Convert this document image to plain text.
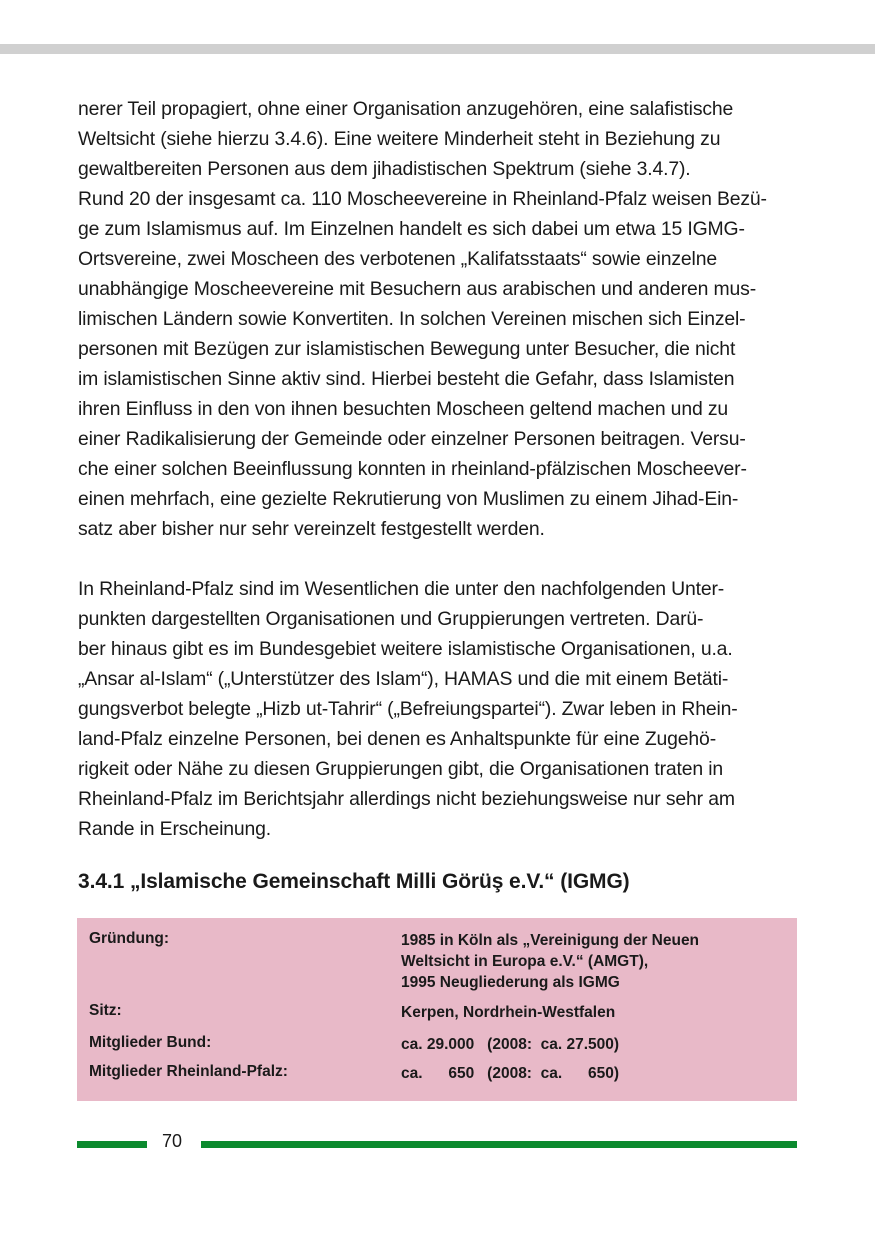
nerer Teil propagiert, ohne einer Organisation anzugehören, eine salafistische
Weltsicht (siehe hierzu 3.4.6). Eine weitere Minderheit steht in Beziehung zu
gewaltbereiten Personen aus dem jihadistischen Spektrum (siehe 3.4.7).
Rund 20 der insgesamt ca. 110 Moscheevereine in Rheinland-Pfalz weisen Bezü-
ge zum Islamismus auf. Im Einzelnen handelt es sich dabei um etwa 15 IGMG-
Ortsvereine, zwei Moscheen des verbotenen „Kalifatsstaats“ sowie einzelne
unabhängige Moscheevereine mit Besuchern aus arabischen und anderen mus-
limischen Ländern sowie Konvertiten. In solchen Vereinen mischen sich Einzel-
personen mit Bezügen zur islamistischen Bewegung unter Besucher, die nicht
im islamistischen Sinne aktiv sind. Hierbei besteht die Gefahr, dass Islamisten
ihren Einfluss in den von ihnen besuchten Moscheen geltend machen und zu
einer Radikalisierung der Gemeinde oder einzelner Personen beitragen. Versu-
che einer solchen Beeinflussung konnten in rheinland-pfälzischen Moscheever-
einen mehrfach, eine gezielte Rekrutierung von Muslimen zu einem Jihad-Ein-
satz aber bisher nur sehr vereinzelt festgestellt werden.
In Rheinland-Pfalz sind im Wesentlichen die unter den nachfolgenden Unter-
punkten dargestellten Organisationen und Gruppierungen vertreten. Darü-
ber hinaus gibt es im Bundesgebiet weitere islamistische Organisationen, u.a.
„Ansar al-Islam“ („Unterstützer des Islam“), HAMAS und die mit einem Betäti-
gungsverbot belegte „Hizb ut-Tahrir“ („Befreiungspartei“). Zwar leben in Rhein-
land-Pfalz einzelne Personen, bei denen es Anhaltspunkte für eine Zugehö-
rigkeit oder Nähe zu diesen Gruppierungen gibt, die Organisationen traten in
Rheinland-Pfalz im Berichtsjahr allerdings nicht beziehungsweise nur sehr am
Rande in Erscheinung.
3.4.1 „Islamische Gemeinschaft Milli Görüş e.V.“ (IGMG)
Gründung:	1985 in Köln als „Vereinigung der Neuen
Weltsicht in Europa e.V.“ (AMGT),
1995 Neugliederung als IGMG
Sitz:	Kerpen, Nordrhein-Westfalen
Mitglieder Bund:	ca. 29.000   (2008:  ca. 27.500)
Mitglieder Rheinland-Pfalz:	ca.      650   (2008:  ca.      650)
70
